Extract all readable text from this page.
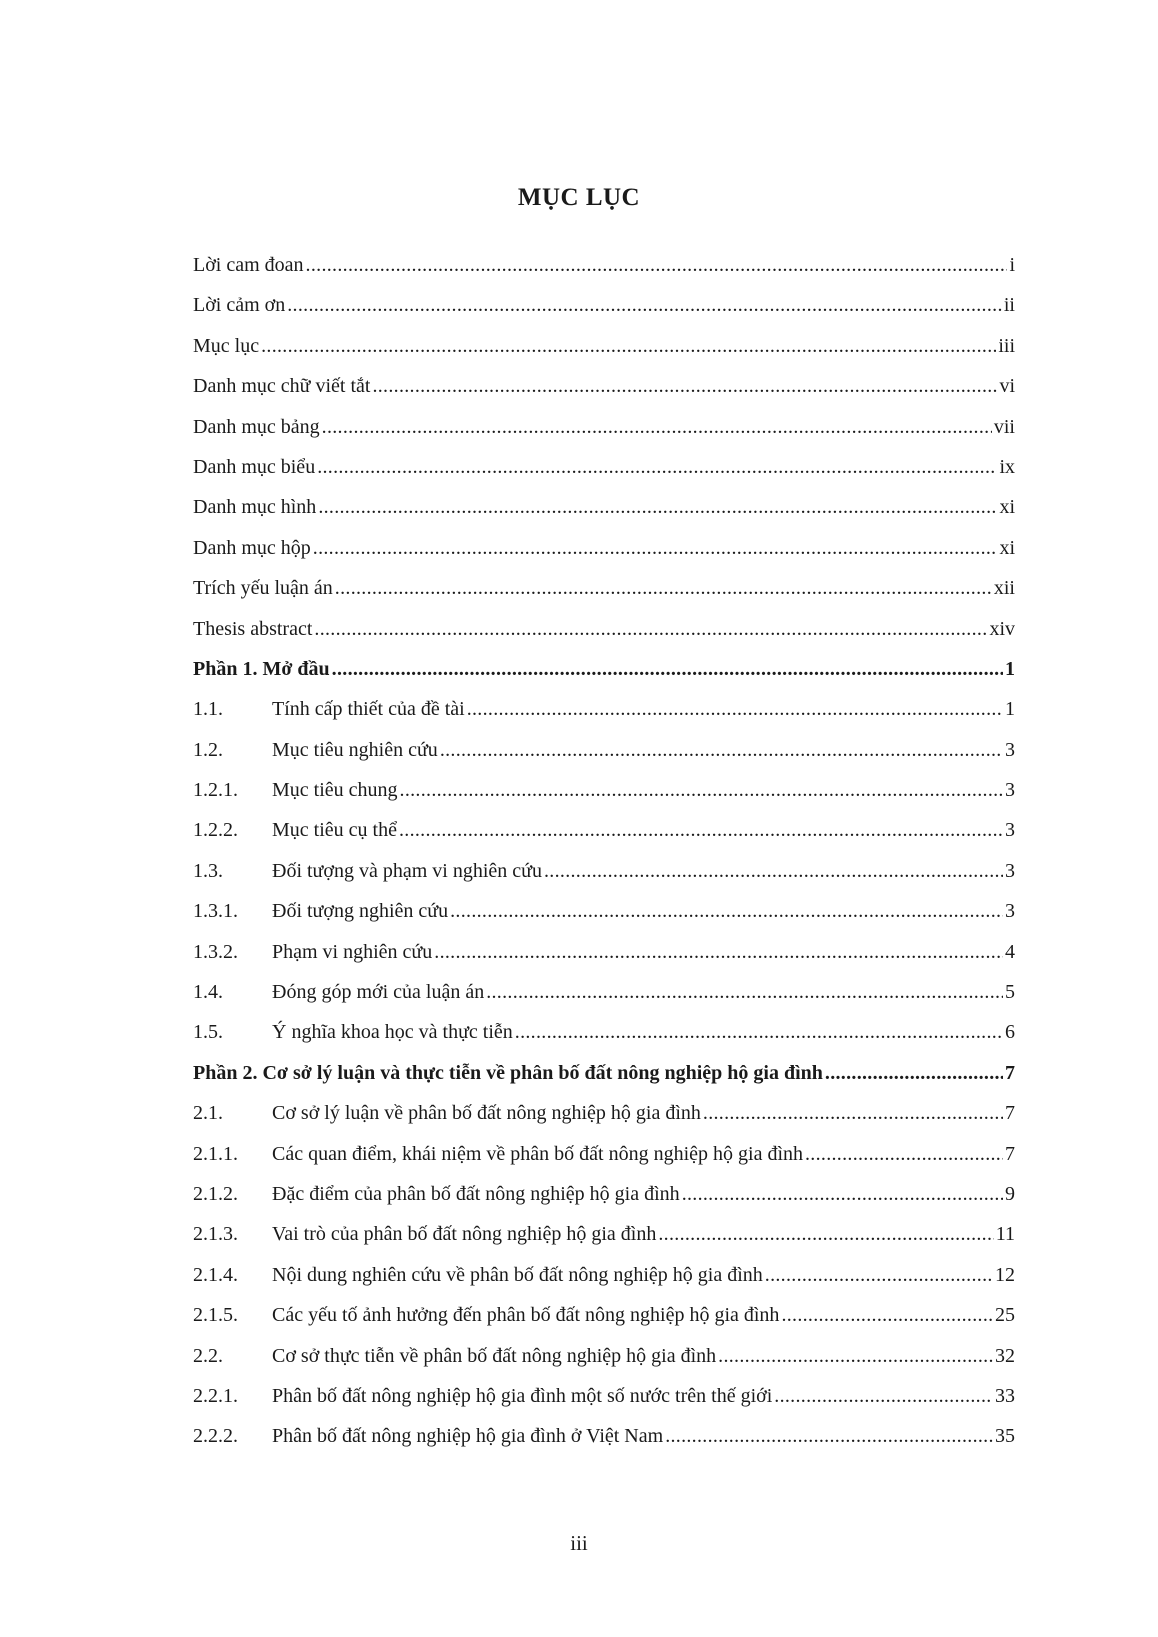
MỤC LỤC
Lời cam đoan .....	i
Lời cảm ơn .....	ii
Mục lục .....	iii
Danh mục chữ viết tắt .....	vi
Danh mục bảng .....	vii
Danh mục biểu .....	ix
Danh mục hình .....	xi
Danh mục hộp .....	xi
Trích yếu luận án .....	xii
Thesis abstract .....	xiv
Phần 1. Mở đầu .....	1
1.1.	Tính cấp thiết của đề tài .....	1
1.2.	Mục tiêu nghiên cứu .....	3
1.2.1.	Mục tiêu chung .....	3
1.2.2.	Mục tiêu cụ thể .....	3
1.3.	Đối tượng và phạm vi nghiên cứu .....	3
1.3.1.	Đối tượng nghiên cứu .....	3
1.3.2.	Phạm vi nghiên cứu .....	4
1.4.	Đóng góp mới của luận án .....	5
1.5.	Ý nghĩa khoa học và thực tiễn .....	6
Phần 2. Cơ sở lý luận và thực tiễn về phân bố đất nông nghiệp hộ gia đình .....	7
2.1.	Cơ sở lý luận về phân bố đất nông nghiệp hộ gia đình .....	7
2.1.1.	Các quan điểm, khái niệm về phân bố đất nông nghiệp hộ gia đình .....	7
2.1.2.	Đặc điểm của phân bố đất nông nghiệp hộ gia đình .....	9
2.1.3.	Vai trò của phân bố đất nông nghiệp hộ gia đình .....	11
2.1.4.	Nội dung nghiên cứu về phân bố đất nông nghiệp hộ gia đình .....	12
2.1.5.	Các yếu tố ảnh hưởng đến phân bố đất nông nghiệp hộ gia đình .....	25
2.2.	Cơ sở thực tiễn về phân bố đất nông nghiệp hộ gia đình .....	32
2.2.1.	Phân bố đất nông nghiệp hộ gia đình một số nước trên thế giới .....	33
2.2.2.	Phân bố đất nông nghiệp hộ gia đình ở Việt Nam .....	35
iii
